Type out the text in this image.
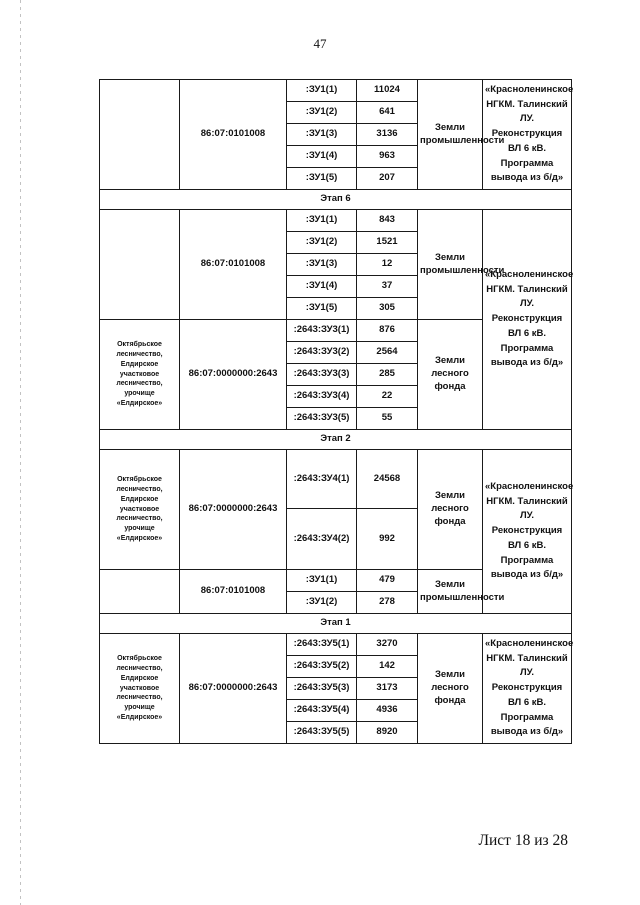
47
	86:07:0101008	:ЗУ1(1)	11024	Земли промышленности	«Красноленинское НГКМ. Талинский ЛУ. Реконструкция ВЛ 6 кВ. Программа вывода из б/д»
		:ЗУ1(2)	641		
		:ЗУ1(3)	3136		
		:ЗУ1(4)	963		
		:ЗУ1(5)	207		
Этап 6					
	86:07:0101008	:ЗУ1(1)	843	Земли промышленности	«Красноленинское НГКМ. Талинский ЛУ. Реконструкция ВЛ 6 кВ. Программа вывода из б/д»
		:ЗУ1(2)	1521		
		:ЗУ1(3)	12		
		:ЗУ1(4)	37		
		:ЗУ1(5)	305		
Октябрьское лесничество, Елдирское участковое лесничество, урочище «Елдирское»	86:07:0000000:2643	:2643:ЗУ3(1)	876	Земли лесного фонда	
		:2643:ЗУ3(2)	2564		
		:2643:ЗУ3(3)	285		
		:2643:ЗУ3(4)	22		
		:2643:ЗУ3(5)	55		
Этап 2					
Октябрьское лесничество, Елдирское участковое лесничество, урочище «Елдирское»	86:07:0000000:2643	:2643:ЗУ4(1)	24568	Земли лесного фонда	«Красноленинское НГКМ. Талинский ЛУ. Реконструкция ВЛ 6 кВ. Программа вывода из б/д»
		:2643:ЗУ4(2)	992		
	86:07:0101008	:ЗУ1(1)	479	Земли промышленности	
		:ЗУ1(2)	278		
Этап 1					
Октябрьское лесничество, Елдирское участковое лесничество, урочище «Елдирское»	86:07:0000000:2643	:2643:ЗУ5(1)	3270	Земли лесного фонда	«Красноленинское НГКМ. Талинский ЛУ. Реконструкция ВЛ 6 кВ. Программа вывода из б/д»
		:2643:ЗУ5(2)	142		
		:2643:ЗУ5(3)	3173		
		:2643:ЗУ5(4)	4936		
		:2643:ЗУ5(5)	8920		
Лист 18 из 28
